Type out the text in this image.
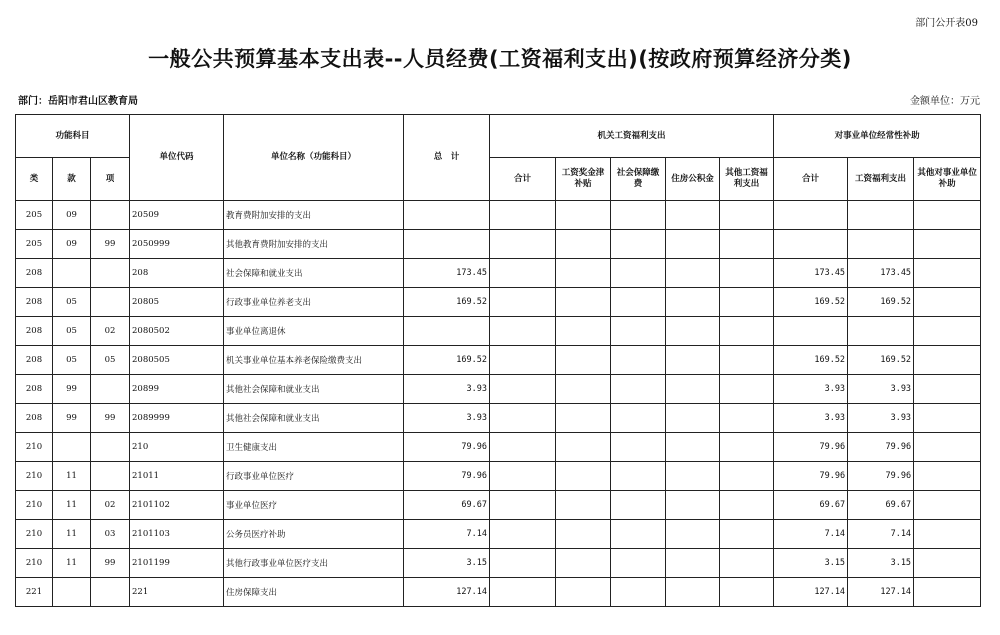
部门公开表09
一般公共预算基本支出表--人员经费(工资福利支出)(按政府预算经济分类)
部门：岳阳市君山区教育局	金额单位：万元
功能科目			单位代码	单位名称（功能科目）	总　计	机关工资福利支出					对事业单位经常性补助		
类	款	项				合计	工资奖金津补贴	社会保障缴费	住房公积金	其他工资福利支出	合计	工资福利支出	其他对事业单位补助
205	09		20509	教育费附加安排的支出									
205	09	99	2050999	其他教育费附加安排的支出									
208			208	社会保障和就业支出	173.45						173.45	173.45	
208	05		20805	行政事业单位养老支出	169.52						169.52	169.52	
208	05	02	2080502	事业单位离退休									
208	05	05	2080505	机关事业单位基本养老保险缴费支出	169.52						169.52	169.52	
208	99		20899	其他社会保障和就业支出	3.93						3.93	3.93	
208	99	99	2089999	其他社会保障和就业支出	3.93						3.93	3.93	
210			210	卫生健康支出	79.96						79.96	79.96	
210	11		21011	行政事业单位医疗	79.96						79.96	79.96	
210	11	02	2101102	事业单位医疗	69.67						69.67	69.67	
210	11	03	2101103	公务员医疗补助	7.14						7.14	7.14	
210	11	99	2101199	其他行政事业单位医疗支出	3.15						3.15	3.15	
221			221	住房保障支出	127.14						127.14	127.14	
